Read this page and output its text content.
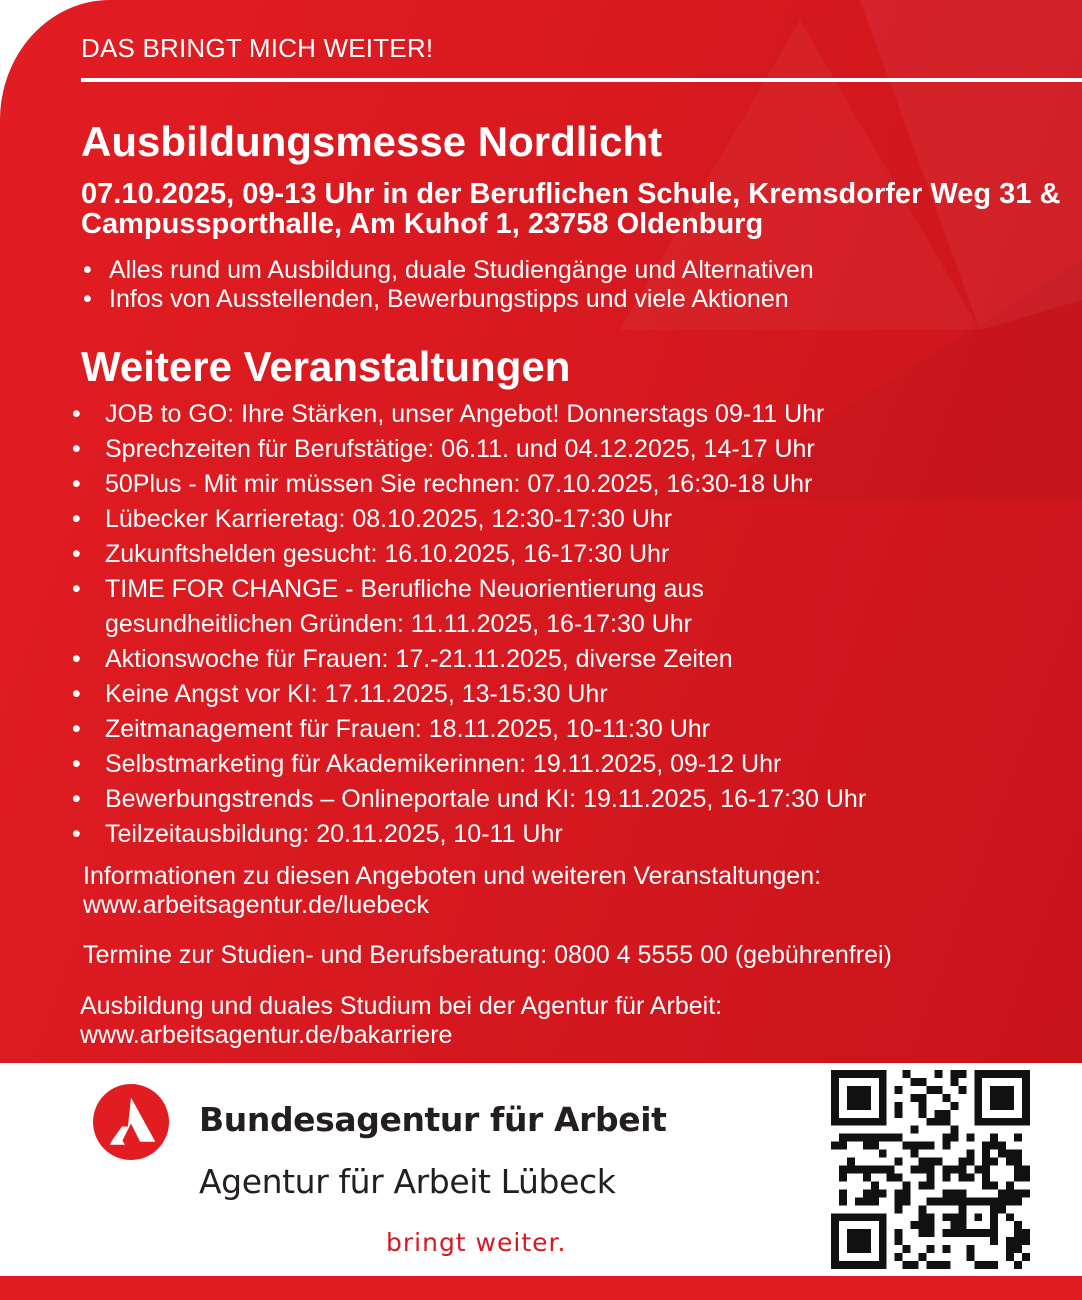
DAS BRINGT MICH WEITER!
Ausbildungsmesse Nordlicht

07.10.2025, 09-13 Uhr in der Beruflichen Schule, Kremsdorfer Weg 31 & Campussporthalle, Am Kuhof 1, 23758 Oldenburg

• Alles rund um Ausbildung, duale Studiengänge und Alternativen
• Infos von Ausstellenden, Bewerbungstipps und viele Aktionen
Weitere Veranstaltungen
• JOB to GO: Ihre Stärken, unser Angebot! Donnerstags 09-11 Uhr
• Sprechzeiten für Berufstätige: 06.11. und 04.12.2025, 14-17 Uhr
• 50Plus - Mit mir müssen Sie rechnen: 07.10.2025, 16:30-18 Uhr
• Lübecker Karrieretag: 08.10.2025, 12:30-17:30 Uhr
• Zukunftshelden gesucht: 16.10.2025, 16-17:30 Uhr
• TIME FOR CHANGE - Berufliche Neuorientierung aus
gesundheitlichen Gründen: 11.11.2025, 16-17:30 Uhr
• Aktionswoche für Frauen: 17.-21.11.2025, diverse Zeiten
• Keine Angst vor KI: 17.11.2025, 13-15:30 Uhr
• Zeitmanagement für Frauen: 18.11.2025, 10-11:30 Uhr
• Selbstmarketing für Akademikerinnen: 19.11.2025, 09-12 Uhr
• Bewerbungstrends – Onlineportale und KI: 19.11.2025, 16-17:30 Uhr
• Teilzeitausbildung: 20.11.2025, 10-11 Uhr

Informationen zu diesen Angeboten und weiteren Veranstaltungen:
www.arbeitsagentur.de/luebeck

Termine zur Studien- und Berufsberatung: 0800 4 5555 00 (gebührenfrei)

Ausbildung und duales Studium bei der Agentur für Arbeit:
www.arbeitsagentur.de/bakarriere

Bundesagentur für Arbeit
Agentur für Arbeit Lübeck
bringt weiter.
